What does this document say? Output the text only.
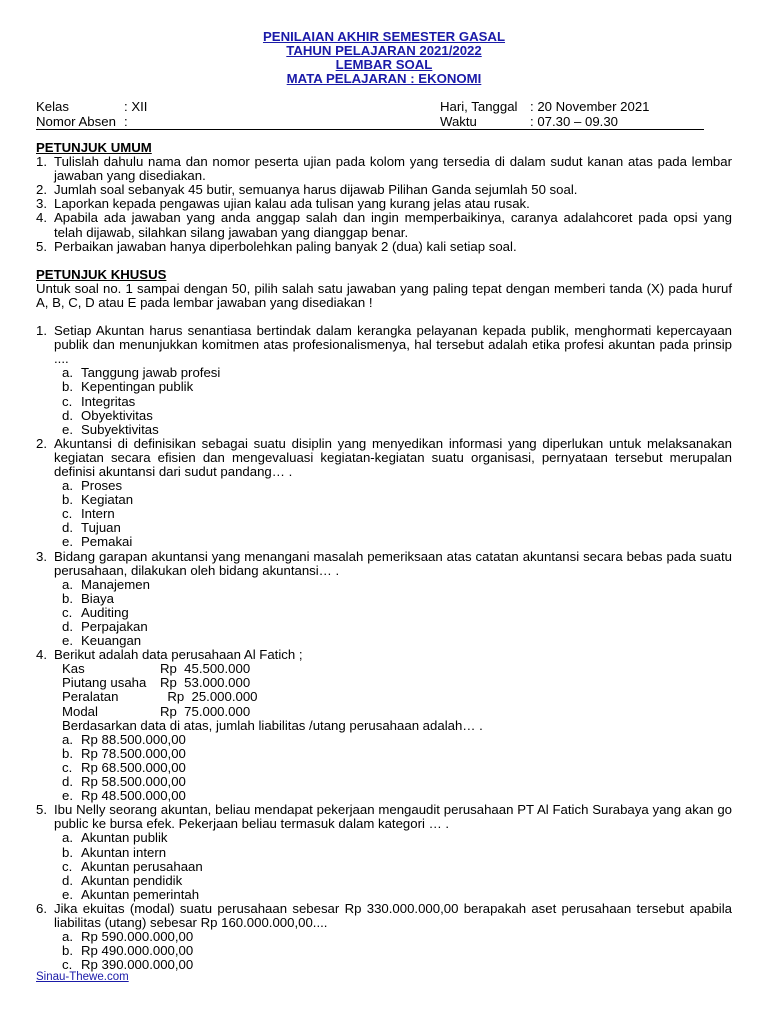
PENILAIAN AKHIR SEMESTER GASAL
TAHUN PELAJARAN 2021/2022
LEMBAR SOAL
MATA PELAJARAN : EKONOMI
Kelas	: XII
Nomor Absen :
Hari, Tanggal : 20 November 2021
Waktu	: 07.30 – 09.30
PETUNJUK UMUM
1. Tulislah dahulu nama dan nomor peserta ujian pada kolom yang tersedia di dalam sudut kanan atas pada lembar jawaban yang disediakan.
2. Jumlah soal sebanyak 45 butir, semuanya harus dijawab Pilihan Ganda sejumlah 50 soal.
3. Laporkan kepada pengawas ujian kalau ada tulisan yang kurang jelas atau rusak.
4. Apabila ada jawaban yang anda anggap salah dan ingin memperbaikinya, caranya adalahcoret pada opsi yang telah dijawab, silahkan silang jawaban yang dianggap benar.
5. Perbaikan jawaban hanya diperbolehkan paling banyak 2 (dua) kali setiap soal.
PETUNJUK KHUSUS
Untuk soal no. 1 sampai dengan 50, pilih salah satu jawaban yang paling tepat dengan memberi tanda (X) pada huruf A, B, C, D atau E pada lembar jawaban yang disediakan !
1. Setiap Akuntan harus senantiasa bertindak dalam kerangka pelayanan kepada publik, menghormati kepercayaan publik dan menunjukkan komitmen atas profesionalismenya, hal tersebut adalah etika profesi akuntan pada prinsip ....
a. Tanggung jawab profesi
b. Kepentingan publik
c. Integritas
d. Obyektivitas
e. Subyektivitas
2. Akuntansi di definisikan sebagai suatu disiplin yang menyedikan informasi yang diperlukan untuk melaksanakan kegiatan secara efisien dan mengevaluasi kegiatan-kegiatan suatu organisasi, pernyataan tersebut merupalan definisi akuntansi dari sudut pandang… .
a. Proses
b. Kegiatan
c. Intern
d. Tujuan
e. Pemakai
3. Bidang garapan akuntansi yang menangani masalah pemeriksaan atas catatan akuntansi secara bebas pada suatu perusahaan, dilakukan oleh bidang akuntansi… .
a. Manajemen
b. Biaya
c. Auditing
d. Perpajakan
e. Keuangan
4. Berikut adalah data perusahaan Al Fatich ;
Kas	Rp  45.500.000
Piutang usaha	Rp  53.000.000
Peralatan	Rp  25.000.000
Modal	Rp  75.000.000
Berdasarkan data di atas, jumlah liabilitas /utang perusahaan adalah… .
a. Rp 88.500.000,00
b. Rp 78.500.000,00
c. Rp 68.500.000,00
d. Rp 58.500.000,00
e. Rp 48.500.000,00
5. Ibu Nelly seorang akuntan, beliau mendapat pekerjaan mengaudit perusahaan PT Al Fatich Surabaya yang akan go public ke bursa efek. Pekerjaan beliau termasuk dalam kategori … .
a. Akuntan publik
b. Akuntan intern
c. Akuntan perusahaan
d. Akuntan pendidik
e. Akuntan pemerintah
6. Jika ekuitas (modal) suatu perusahaan sebesar Rp 330.000.000,00 berapakah aset perusahaan tersebut apabila liabilitas (utang) sebesar Rp 160.000.000,00....
a. Rp 590.000.000,00
b. Rp 490.000.000,00
c. Rp 390.000.000,00
Sinau-Thewe.com
